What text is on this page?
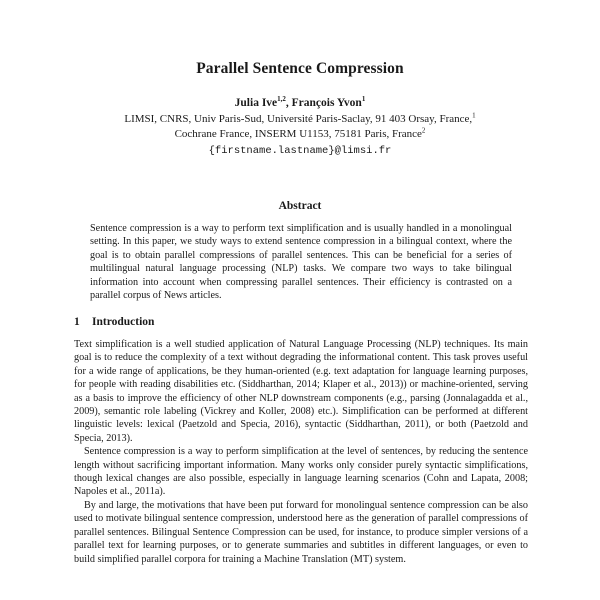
Parallel Sentence Compression
Julia Ive$^{1,2}$, François Yvon$^1$
LIMSI, CNRS, Univ Paris-Sud, Université Paris-Saclay, 91 403 Orsay, France,$^1$
Cochrane France, INSERM U1153, 75181 Paris, France$^2$
{firstname.lastname}@limsi.fr
Abstract

Sentence compression is a way to perform text simplification and is usually handled in a monolingual setting. In this paper, we study ways to extend sentence compression in a bilingual context, where the goal is to obtain parallel compressions of parallel sentences. This can be beneficial for a series of multilingual natural language processing (NLP) tasks. We compare two ways to take bilingual information into account when compressing parallel sentences. Their efficiency is contrasted on a parallel corpus of News articles.

1 Introduction

Text simplification is a well studied application of Natural Language Processing (NLP) techniques. Its main goal is to reduce the complexity of a text without degrading the informational content. This task proves useful for a wide range of applications, be they human-oriented (e.g. text adaptation for language learning purposes, for people with reading disabilities etc. (Siddharthan, 2014; Klaper et al., 2013)) or machine-oriented, serving as a basis to improve the efficiency of other NLP downstream components (e.g., parsing (Jonnalagadda et al., 2009), semantic role labeling (Vickrey and Koller, 2008) etc.). Simplification can be performed at different linguistic levels: lexical (Paetzold and Specia, 2016), syntactic (Siddharthan, 2011), or both (Paetzold and Specia, 2013).

Sentence compression is a way to perform simplification at the level of sentences, by reducing the sentence length without sacrificing important information. Many works only consider purely syntactic simplifications, though lexical changes are also possible, especially in language learning scenarios (Cohn and Lapata, 2008; Napoles et al., 2011a).

By and large, the motivations that have been put forward for monolingual sentence compression can be also used to motivate bilingual sentence compression, understood here as the generation of parallel compressions of parallel sentences. Bilingual Sentence Compression can be used, for instance, to produce simpler versions of a parallel text for learning purposes, or to generate summaries and subtitles in different languages, or even to build simplified parallel corpora for training a Machine Translation (MT) system.
